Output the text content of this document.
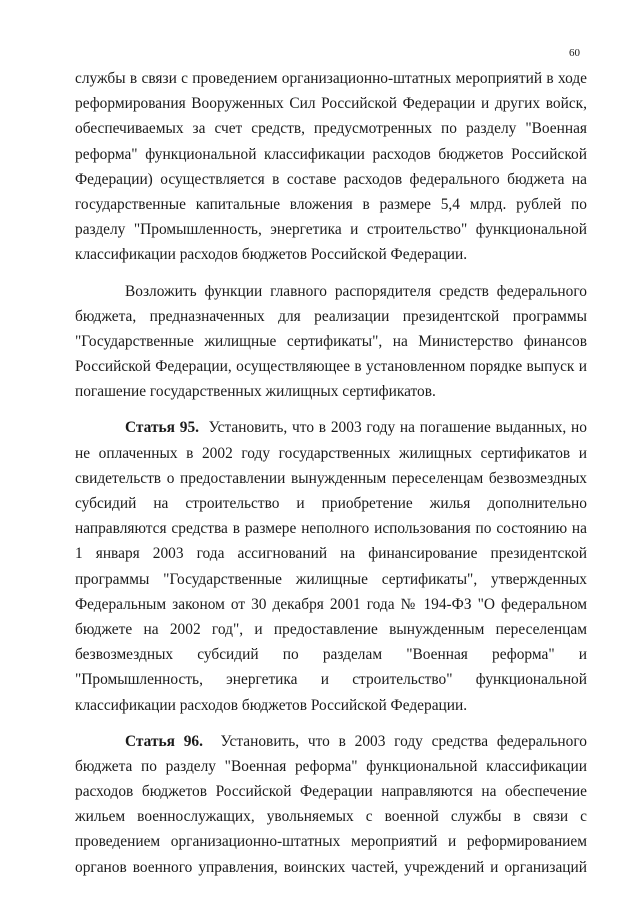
60
службы в связи с проведением организационно-штатных мероприятий в ходе
реформирования Вооруженных Сил Российской Федерации и других войск,
обеспечиваемых за счет средств, предусмотренных по разделу "Военная
реформа" функциональной классификации расходов бюджетов Российской
Федерации) осуществляется в составе расходов федерального бюджета на
государственные капитальные вложения в размере 5,4 млрд. рублей по
разделу "Промышленность, энергетика и строительство" функциональной
классификации расходов бюджетов Российской Федерации.
Возложить функции главного распорядителя средств федерального
бюджета, предназначенных для реализации президентской программы
"Государственные жилищные сертификаты", на Министерство финансов
Российской Федерации, осуществляющее в установленном порядке выпуск и
погашение государственных жилищных сертификатов.
Статья 95. Установить, что в 2003 году на погашение выданных, но
не оплаченных в 2002 году государственных жилищных сертификатов и
свидетельств о предоставлении вынужденным переселенцам безвозмездных
субсидий на строительство и приобретение жилья дополнительно
направляются средства в размере неполного использования по состоянию на
1 января 2003 года ассигнований на финансирование президентской
программы "Государственные жилищные сертификаты", утвержденных
Федеральным законом от 30 декабря 2001 года № 194-ФЗ "О федеральном
бюджете на 2002 год", и предоставление вынужденным переселенцам
безвозмездных субсидий по разделам "Военная реформа" и
"Промышленность, энергетика и строительство" функциональной
классификации расходов бюджетов Российской Федерации.
Статья 96. Установить, что в 2003 году средства федерального
бюджета по разделу "Военная реформа" функциональной классификации
расходов бюджетов Российской Федерации направляются на обеспечение
жильем военнослужащих, увольняемых с военной службы в связи с
проведением организационно-штатных мероприятий и реформированием
органов военного управления, воинских частей, учреждений и организаций
